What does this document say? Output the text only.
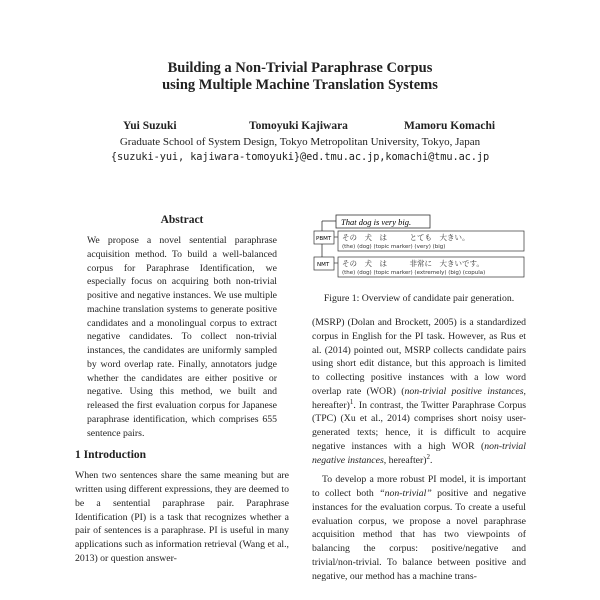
Building a Non-Trivial Paraphrase Corpus
using Multiple Machine Translation Systems
Yui Suzuki	Tomoyuki Kajiwara	Mamoru Komachi
Graduate School of System Design, Tokyo Metropolitan University, Tokyo, Japan
{suzuki-yui, kajiwara-tomoyuki}@ed.tmu.ac.jp,komachi@tmu.ac.jp
Abstract

We propose a novel sentential paraphrase acquisition method. To build a well-balanced corpus for Paraphrase Identification, we especially focus on acquiring both non-trivial positive and negative instances. We use multiple machine translation systems to generate positive candidates and a monolingual corpus to extract negative candidates. To collect non-trivial instances, the candidates are uniformly sampled by word overlap rate. Finally, annotators judge whether the candidates are either positive or negative. Using this method, we built and released the first evaluation corpus for Japanese paraphrase identification, which comprises 655 sentence pairs.

1 Introduction

When two sentences share the same meaning but are written using different expressions, they are deemed to be a sentential paraphrase pair. Paraphrase Identification (PI) is a task that recognizes whether a pair of sentences is a paraphrase. PI is useful in many applications such as information retrieval (Wang et al., 2013) or question answer-

That dog is very big.
PBMT その　犬　は　　　とても　大きい。
(the) (dog) (topic marker) (very) (big)
NMT その　犬　は　　　非常に　大きいです。
(the) (dog) (topic marker) (extremely) (big) (copula)
Figure 1: Overview of candidate pair generation.

(MSRP) (Dolan and Brockett, 2005) is a standardized corpus in English for the PI task. However, as Rus et al. (2014) pointed out, MSRP collects candidate pairs using short edit distance, but this approach is limited to collecting positive instances with a low word overlap rate (WOR) (non-trivial positive instances, hereafter)$^1$. In contrast, the Twitter Paraphrase Corpus (TPC) (Xu et al., 2014) comprises short noisy user-generated texts; hence, it is difficult to acquire negative instances with a high WOR (non-trivial negative instances, hereafter)$^2$.

To develop a more robust PI model, it is important to collect both “non-trivial” positive and negative instances for the evaluation corpus. To create a useful evaluation corpus, we propose a novel paraphrase acquisition method that has two viewpoints of balancing the corpus: positive/negative and trivial/non-trivial. To balance between positive and negative, our method has a machine trans-
